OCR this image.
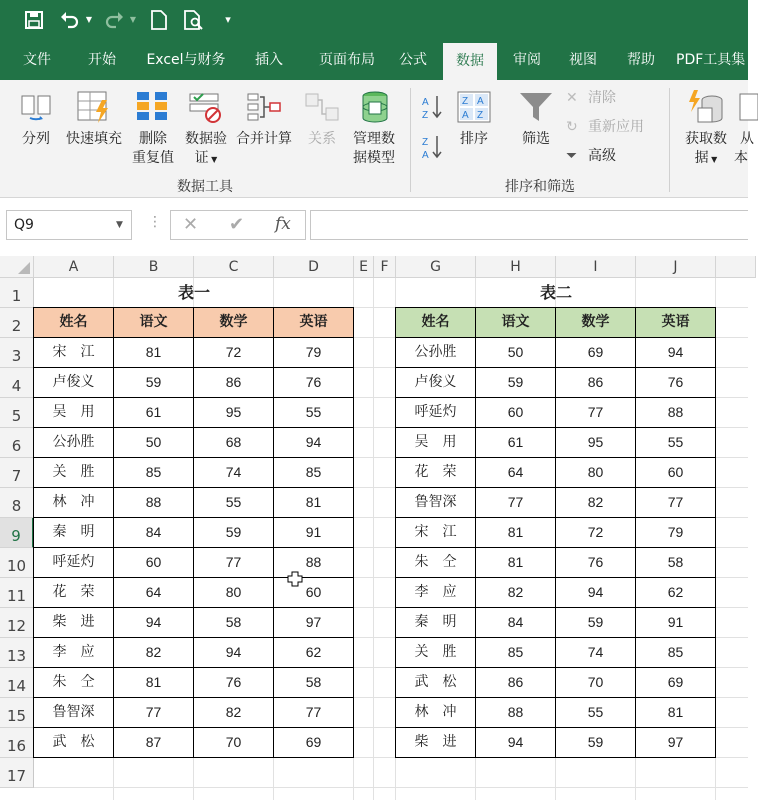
▼	▼	▾
文件	开始	Excel与财务	插入	页面布局	公式	数据	审阅	视图	帮助	PDF工具集
分列	快速填充	删除
重复值
数据验
证 ▼
合并计算	关系	管理数
据模型
数据工具
A
Z
Z
A
Z A
A Z
排序	筛选
✕ 清除
↻ 重新应用
⏷ 高级
排序和筛选
获取数
据 ▼
从
本
Q9	▼	⋮ ✕ ✔ fx
A	B	C	D	E F	G	H	I	J
1
2
3
4
5
6
7
8
9
10
11
12
13
14
15
16
17
表一
姓名	语文	数学	英语
宋　江	81	72	79
卢俊义	59	86	76
吴　用	61	95	55
公孙胜	50	68	94
关　胜	85	74	85
林　冲	88	55	81
秦　明	84	59	91
呼延灼	60	77	88
花　荣	64	80	60
柴　进	94	58	97
李　应	82	94	62
朱　仝	81	76	58
鲁智深	77	82	77
武　松	87	70	69
表二
姓名	语文	数学	英语
公孙胜	50	69	94
卢俊义	59	86	76
呼延灼	60	77	88
吴　用	61	95	55
花　荣	64	80	60
鲁智深	77	82	77
宋　江	81	72	79
朱　仝	81	76	58
李　应	82	94	62
秦　明	84	59	91
关　胜	85	74	85
武　松	86	70	69
林　冲	88	55	81
柴　进	94	59	97
